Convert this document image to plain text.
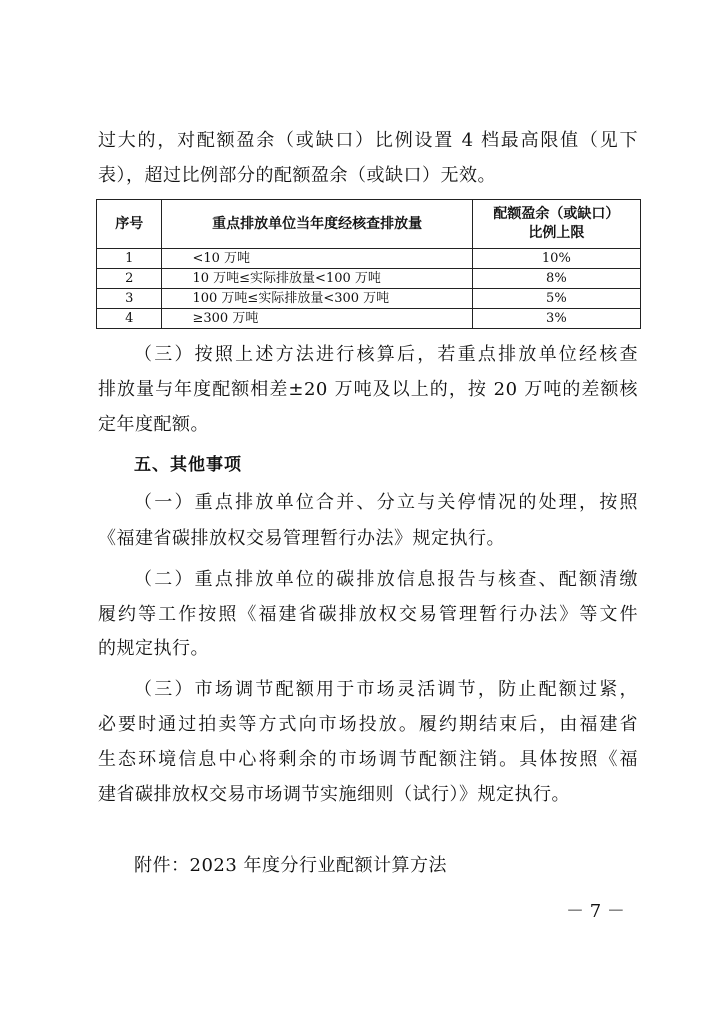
过大的，对配额盈余（或缺口）比例设置 4 档最高限值（见下
表），超过比例部分的配额盈余（或缺口）无效。
序号	重点排放单位当年度经核查排放量	配额盈余（或缺口）
比例上限

1	<10 万吨	10%
2	10 万吨≤实际排放量<100 万吨	8%
3	100 万吨≤实际排放量<300 万吨	5%
4	≥300 万吨	3%
（三）按照上述方法进行核算后，若重点排放单位经核查
排放量与年度配额相差±20 万吨及以上的，按 20 万吨的差额核
定年度配额。
五、其他事项
（一）重点排放单位合并、分立与关停情况的处理，按照
《福建省碳排放权交易管理暂行办法》规定执行。
（二）重点排放单位的碳排放信息报告与核查、配额清缴
履约等工作按照《福建省碳排放权交易管理暂行办法》等文件
的规定执行。
（三）市场调节配额用于市场灵活调节，防止配额过紧，
必要时通过拍卖等方式向市场投放。履约期结束后，由福建省
生态环境信息中心将剩余的市场调节配额注销。具体按照《福
建省碳排放权交易市场调节实施细则（试行）》规定执行。
附件：2023 年度分行业配额计算方法
－ 7 －
